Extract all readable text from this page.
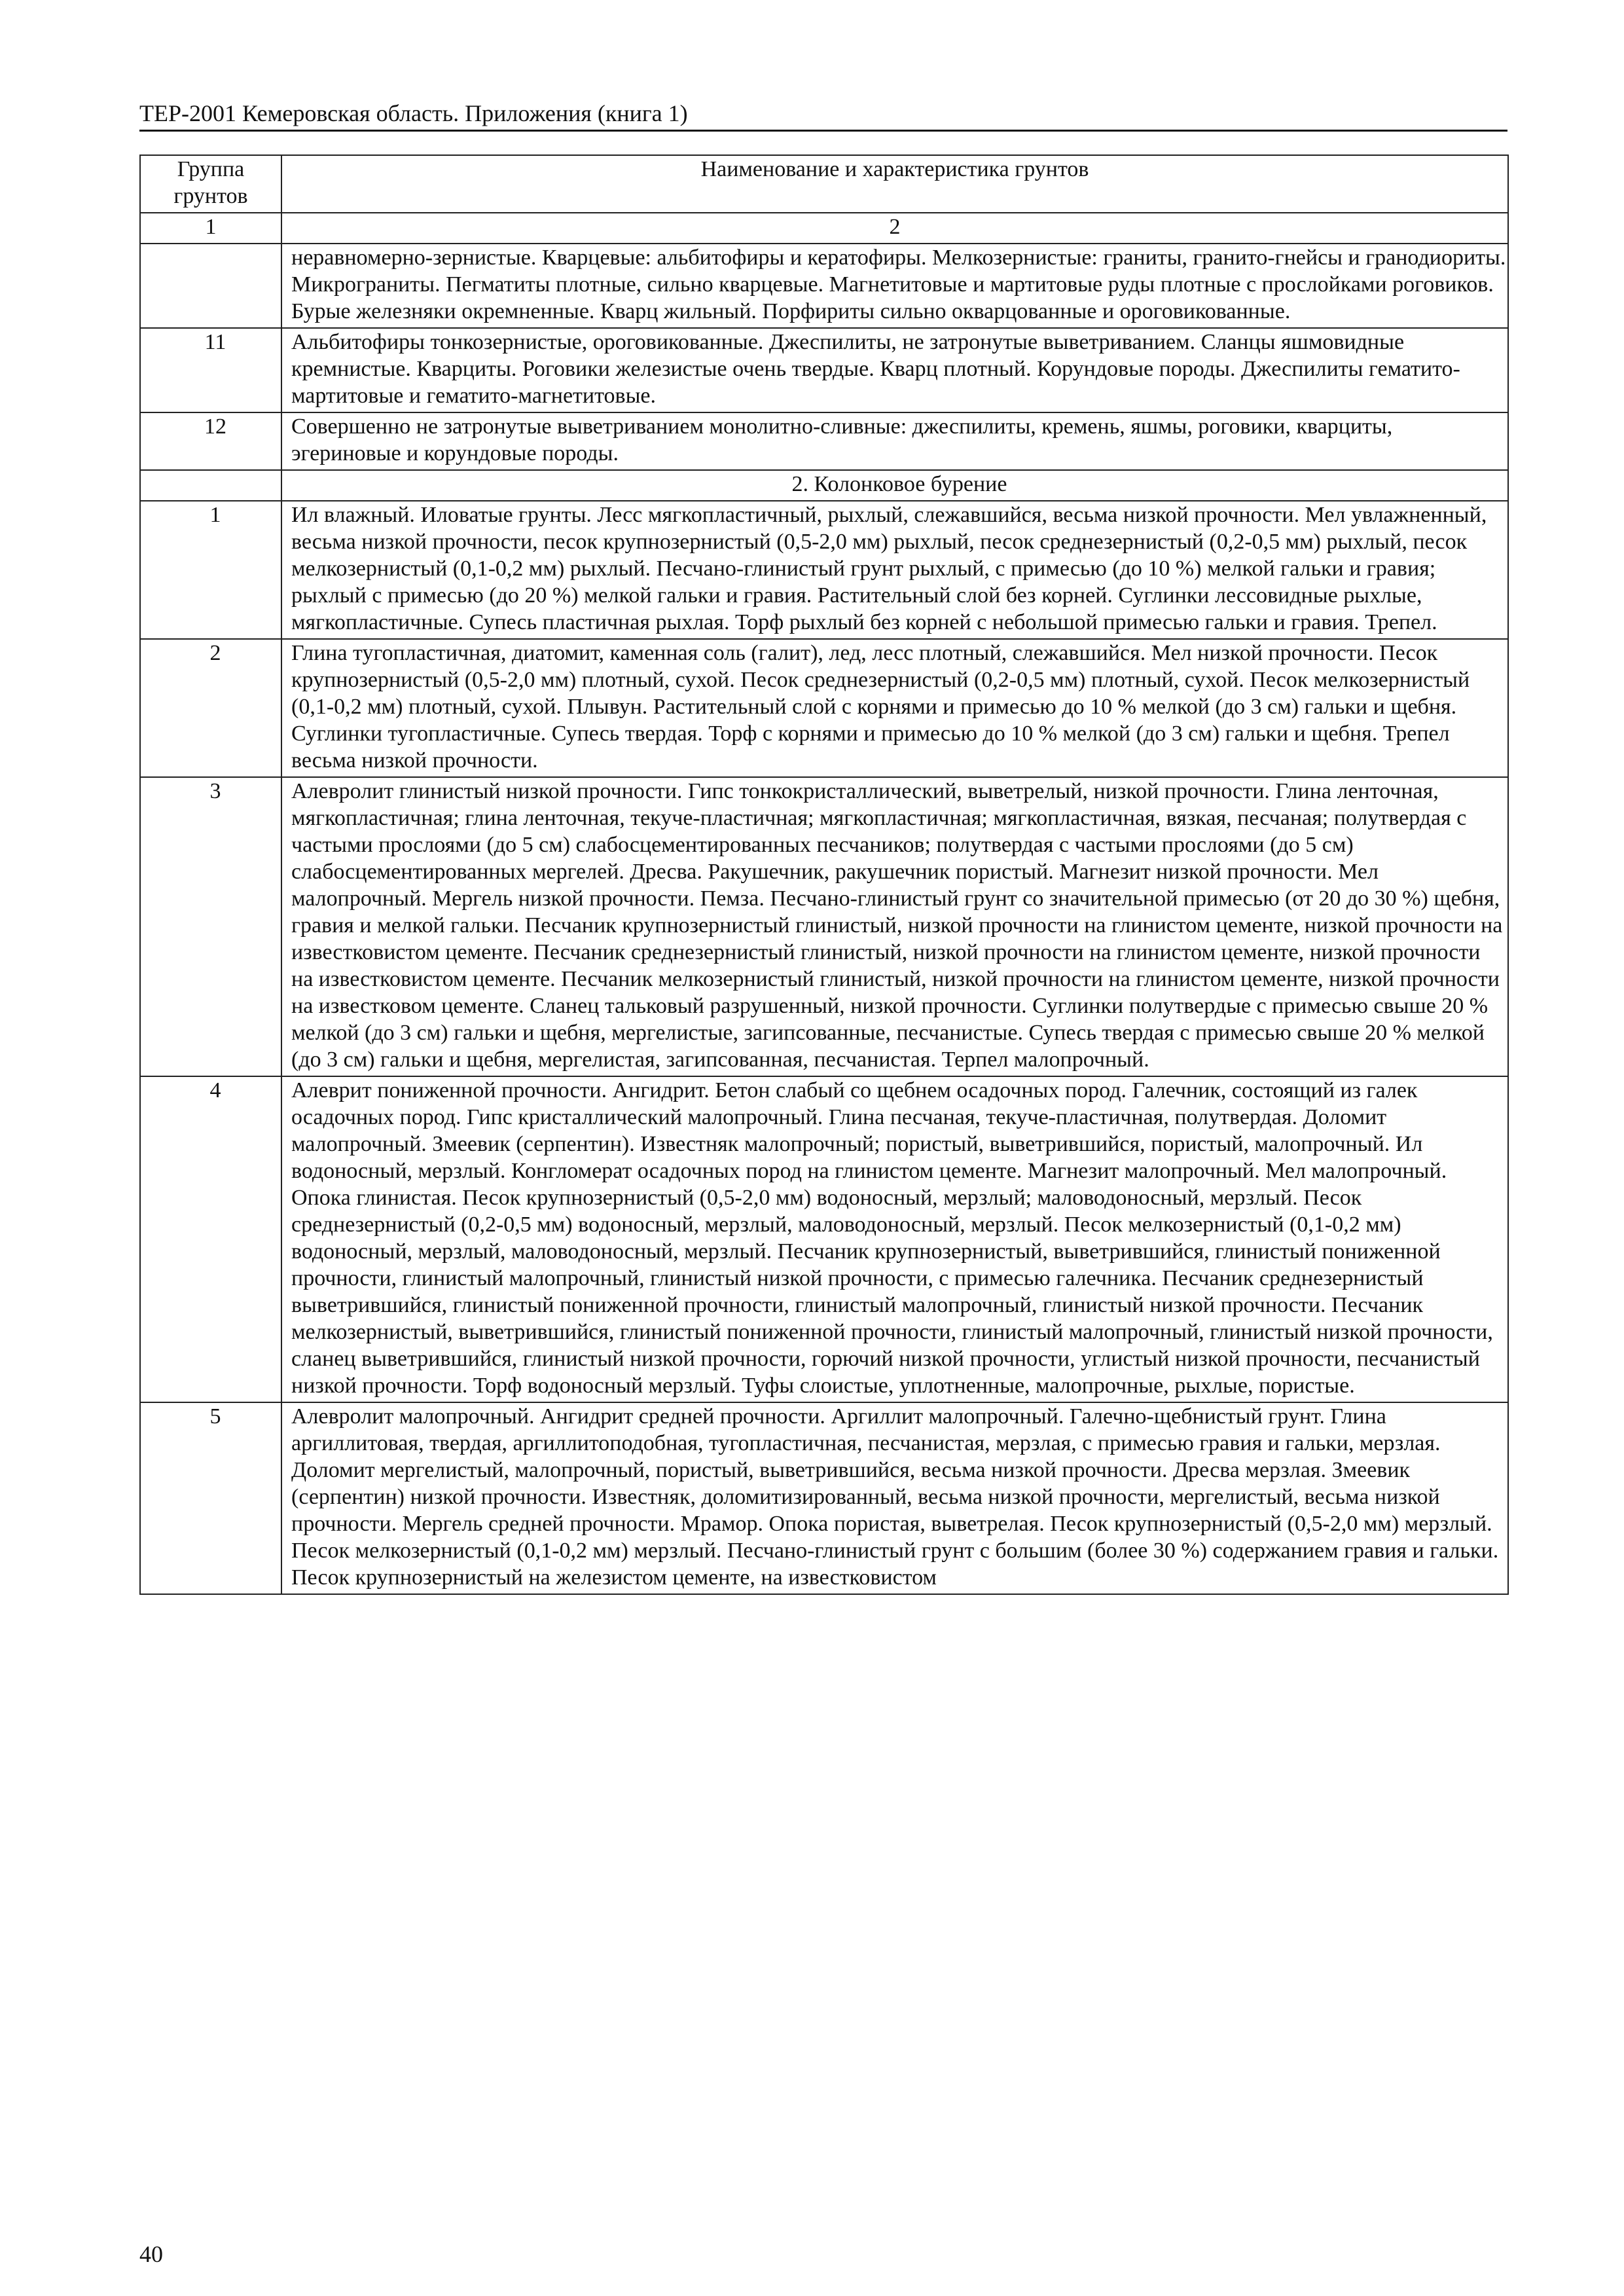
ТЕР-2001 Кемеровская область. Приложения (книга 1)
Группа грунтов	Наименование и характеристика грунтов
1	2
	неравномерно-зернистые. Кварцевые: альбитофиры и кератофиры. Мелкозернистые: граниты, гранито-гнейсы и гранодиориты. Микрограниты. Пегматиты плотные, сильно кварцевые. Магнетитовые и мартитовые руды плотные с прослойками роговиков. Бурые железняки окремненные. Кварц жильный. Порфириты сильно окварцованные и ороговикованные.
11	Альбитофиры тонкозернистые, ороговикованные. Джеспилиты, не затронутые выветриванием. Сланцы яшмовидные кремнистые. Кварциты. Роговики железистые очень твердые. Кварц плотный. Корундовые породы. Джеспилиты гематито-мартитовые и гематито-магнетитовые.
12	Совершенно не затронутые выветриванием монолитно-сливные: джеспилиты, кремень, яшмы, роговики, кварциты, эгериновые и корундовые породы.
	2. Колонковое бурение
1	Ил влажный. Иловатые грунты. Лесс мягкопластичный, рыхлый, слежавшийся, весьма низкой прочности. Мел увлажненный, весьма низкой прочности, песок крупнозернистый (0,5-2,0 мм) рыхлый, песок среднезернистый (0,2-0,5 мм) рыхлый, песок мелкозернистый (0,1-0,2 мм) рыхлый. Песчано-глинистый грунт рыхлый, с примесью (до 10 %) мелкой гальки и гравия; рыхлый с примесью (до 20 %) мелкой гальки и гравия. Растительный слой без корней. Суглинки лессовидные рыхлые, мягкопластичные. Супесь пластичная рыхлая. Торф рыхлый без корней с небольшой примесью гальки и гравия. Трепел.
2	Глина тугопластичная, диатомит, каменная соль (галит), лед, лесс плотный, слежавшийся. Мел низкой прочности. Песок крупнозернистый (0,5-2,0 мм) плотный, сухой. Песок среднезернистый (0,2-0,5 мм) плотный, сухой. Песок мелкозернистый (0,1-0,2 мм) плотный, сухой. Плывун. Растительный слой с корнями и примесью до 10 % мелкой (до 3 см) гальки и щебня. Суглинки тугопластичные. Супесь твердая. Торф с корнями и примесью до 10 % мелкой (до 3 см) гальки и щебня. Трепел весьма низкой прочности.
3	Алевролит глинистый низкой прочности. Гипс тонкокристаллический, выветрелый, низкой прочности. Глина ленточная, мягкопластичная; глина ленточная, текуче-пластичная; мягкопластичная; мягкопластичная, вязкая, песчаная; полутвердая с частыми прослоями (до 5 см) слабосцементированных песчаников; полутвердая с частыми прослоями (до 5 см) слабосцементированных мергелей. Дресва. Ракушечник, ракушечник пористый. Магнезит низкой прочности. Мел малопрочный. Мергель низкой прочности. Пемза. Песчано-глинистый грунт со значительной примесью (от 20 до 30 %) щебня, гравия и мелкой гальки. Песчаник крупнозернистый глинистый, низкой прочности на глинистом цементе, низкой прочности на известковистом цементе. Песчаник среднезернистый глинистый, низкой прочности на глинистом цементе, низкой прочности на известковистом цементе. Песчаник мелкозернистый глинистый, низкой прочности на глинистом цементе, низкой прочности на известковом цементе. Сланец тальковый разрушенный, низкой прочности. Суглинки полутвердые с примесью свыше 20 % мелкой (до 3 см) гальки и щебня, мергелистые, загипсованные, песчанистые. Супесь твердая с примесью свыше 20 % мелкой (до 3 см) гальки и щебня, мергелистая, загипсованная, песчанистая. Терпел малопрочный.
4	Алеврит пониженной прочности. Ангидрит. Бетон слабый со щебнем осадочных пород. Галечник, состоящий из галек осадочных пород. Гипс кристаллический малопрочный. Глина песчаная, текуче-пластичная, полутвердая. Доломит малопрочный. Змеевик (серпентин). Известняк малопрочный; пористый, выветрившийся, пористый, малопрочный. Ил водоносный, мерзлый. Конгломерат осадочных пород на глинистом цементе. Магнезит малопрочный. Мел малопрочный. Опока глинистая. Песок крупнозернистый (0,5-2,0 мм) водоносный, мерзлый; маловодоносный, мерзлый. Песок среднезернистый (0,2-0,5 мм) водоносный, мерзлый, маловодоносный, мерзлый. Песок мелкозернистый (0,1-0,2 мм) водоносный, мерзлый, маловодоносный, мерзлый. Песчаник крупнозернистый, выветрившийся, глинистый пониженной прочности, глинистый малопрочный, глинистый низкой прочности, с примесью галечника. Песчаник среднезернистый выветрившийся, глинистый пониженной прочности, глинистый малопрочный, глинистый низкой прочности. Песчаник мелкозернистый, выветрившийся, глинистый пониженной прочности, глинистый малопрочный, глинистый низкой прочности, сланец выветрившийся, глинистый низкой прочности, горючий низкой прочности, углистый низкой прочности, песчанистый низкой прочности. Торф водоносный мерзлый. Туфы слоистые, уплотненные, малопрочные, рыхлые, пористые.
5	Алевролит малопрочный. Ангидрит средней прочности. Аргиллит малопрочный. Галечно-щебнистый грунт. Глина аргиллитовая, твердая, аргиллитоподобная, тугопластичная, песчанистая, мерзлая, с примесью гравия и гальки, мерзлая. Доломит мергелистый, малопрочный, пористый, выветрившийся, весьма низкой прочности. Дресва мерзлая. Змеевик (серпентин) низкой прочности. Известняк, доломитизированный, весьма низкой прочности, мергелистый, весьма низкой прочности. Мергель средней прочности. Мрамор. Опока пористая, выветрелая. Песок крупнозернистый (0,5-2,0 мм) мерзлый. Песок мелкозернистый (0,1-0,2 мм) мерзлый. Песчано-глинистый грунт с большим (более 30 %) содержанием гравия и гальки. Песок крупнозернистый на железистом цементе, на известковистом
40
